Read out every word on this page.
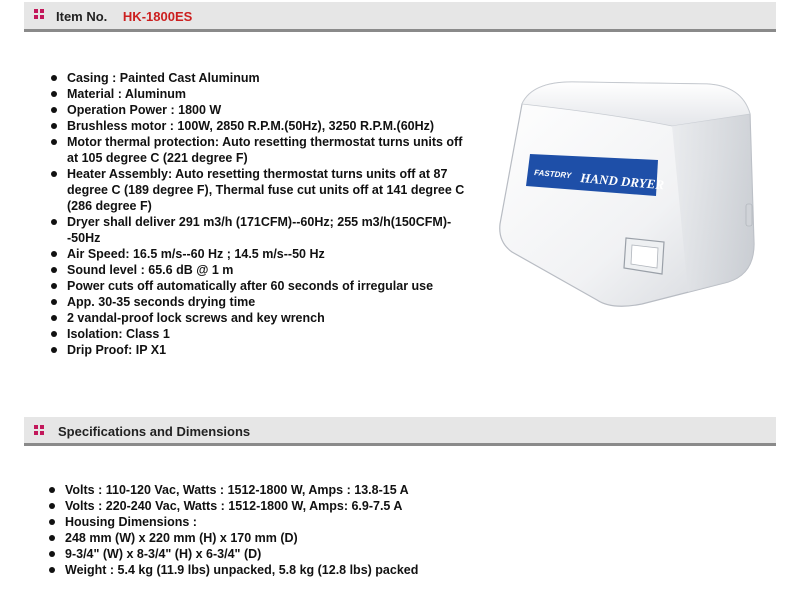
Item No. HK-1800ES
Casing : Painted Cast Aluminum
Material : Aluminum
Operation Power : 1800 W
Brushless motor : 100W, 2850 R.P.M.(50Hz), 3250 R.P.M.(60Hz)
Motor thermal protection: Auto resetting thermostat turns units off at 105 degree C (221 degree F)
Heater Assembly: Auto resetting thermostat turns units off at 87 degree C (189 degree F), Thermal fuse cut units off at 141 degree C (286 degree F)
Dryer shall deliver 291 m3/h (171CFM)--60Hz; 255 m3/h(150CFM)--50Hz
Air Speed: 16.5 m/s--60 Hz ; 14.5 m/s--50 Hz
Sound level : 65.6 dB @ 1 m
Power cuts off automatically after 60 seconds of irregular use
App. 30-35 seconds drying time
2 vandal-proof lock screws and key wrench
Isolation: Class 1
Drip Proof: IP X1
FASTDRY HAND DRYER
Specifications and Dimensions
Volts : 110-120 Vac, Watts : 1512-1800 W, Amps : 13.8-15 A
Volts : 220-240 Vac, Watts : 1512-1800 W, Amps: 6.9-7.5 A
Housing Dimensions :
248 mm (W) x 220 mm (H) x 170 mm (D)
9-3/4" (W) x 8-3/4" (H) x 6-3/4" (D)
Weight : 5.4 kg (11.9 lbs) unpacked, 5.8 kg (12.8 lbs) packed
